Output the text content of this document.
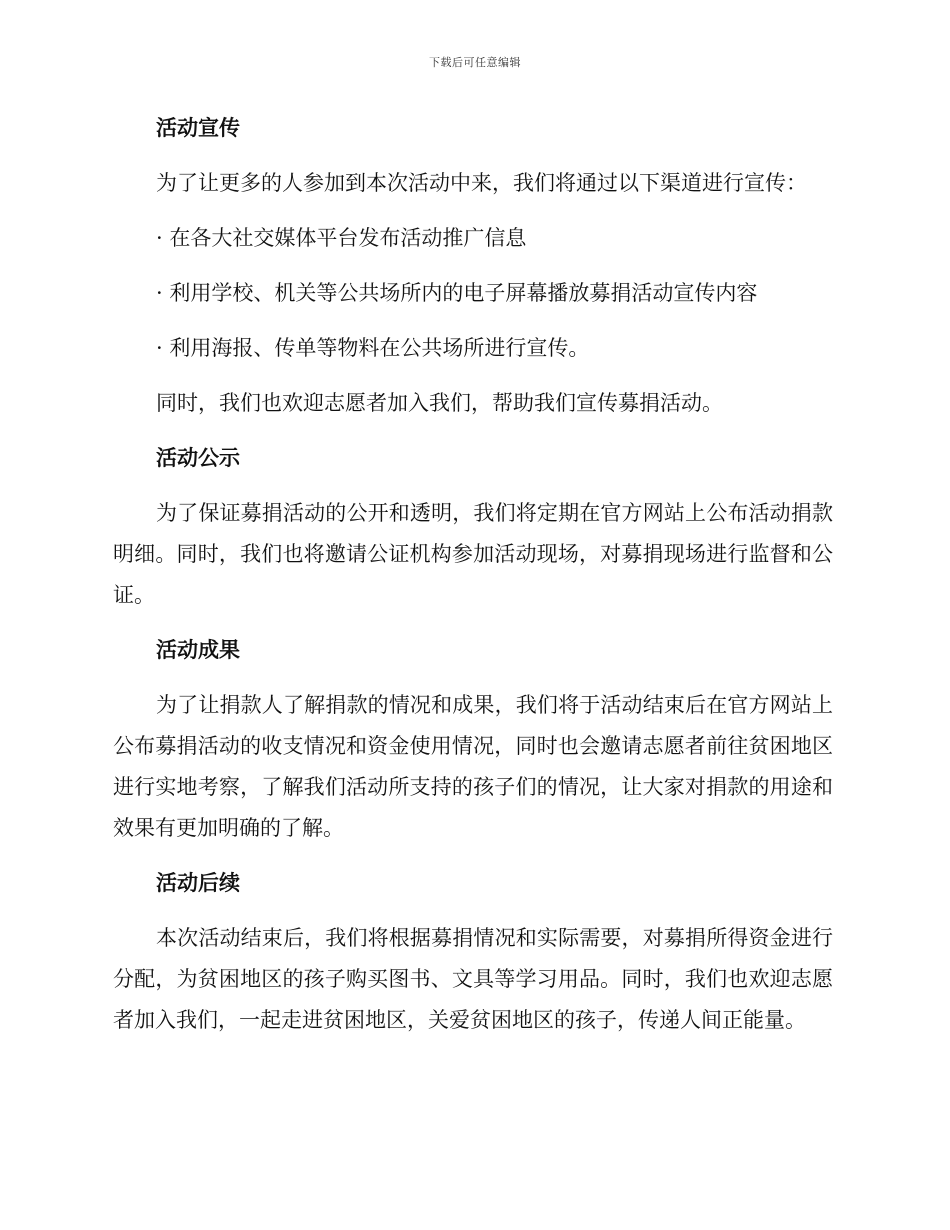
下载后可任意编辑
活动宣传

为了让更多的人参加到本次活动中来，我们将通过以下渠道进行宣传：

· 在各大社交媒体平台发布活动推广信息

· 利用学校、机关等公共场所内的电子屏幕播放募捐活动宣传内容

· 利用海报、传单等物料在公共场所进行宣传。

同时，我们也欢迎志愿者加入我们，帮助我们宣传募捐活动。

活动公示

为了保证募捐活动的公开和透明，我们将定期在官方网站上公布活动捐款明细。同时，我们也将邀请公证机构参加活动现场，对募捐现场进行监督和公证。

活动成果

为了让捐款人了解捐款的情况和成果，我们将于活动结束后在官方网站上公布募捐活动的收支情况和资金使用情况，同时也会邀请志愿者前往贫困地区进行实地考察，了解我们活动所支持的孩子们的情况，让大家对捐款的用途和效果有更加明确的了解。

活动后续

本次活动结束后，我们将根据募捐情况和实际需要，对募捐所得资金进行分配，为贫困地区的孩子购买图书、文具等学习用品。同时，我们也欢迎志愿者加入我们，一起走进贫困地区，关爱贫困地区的孩子，传递人间正能量。
